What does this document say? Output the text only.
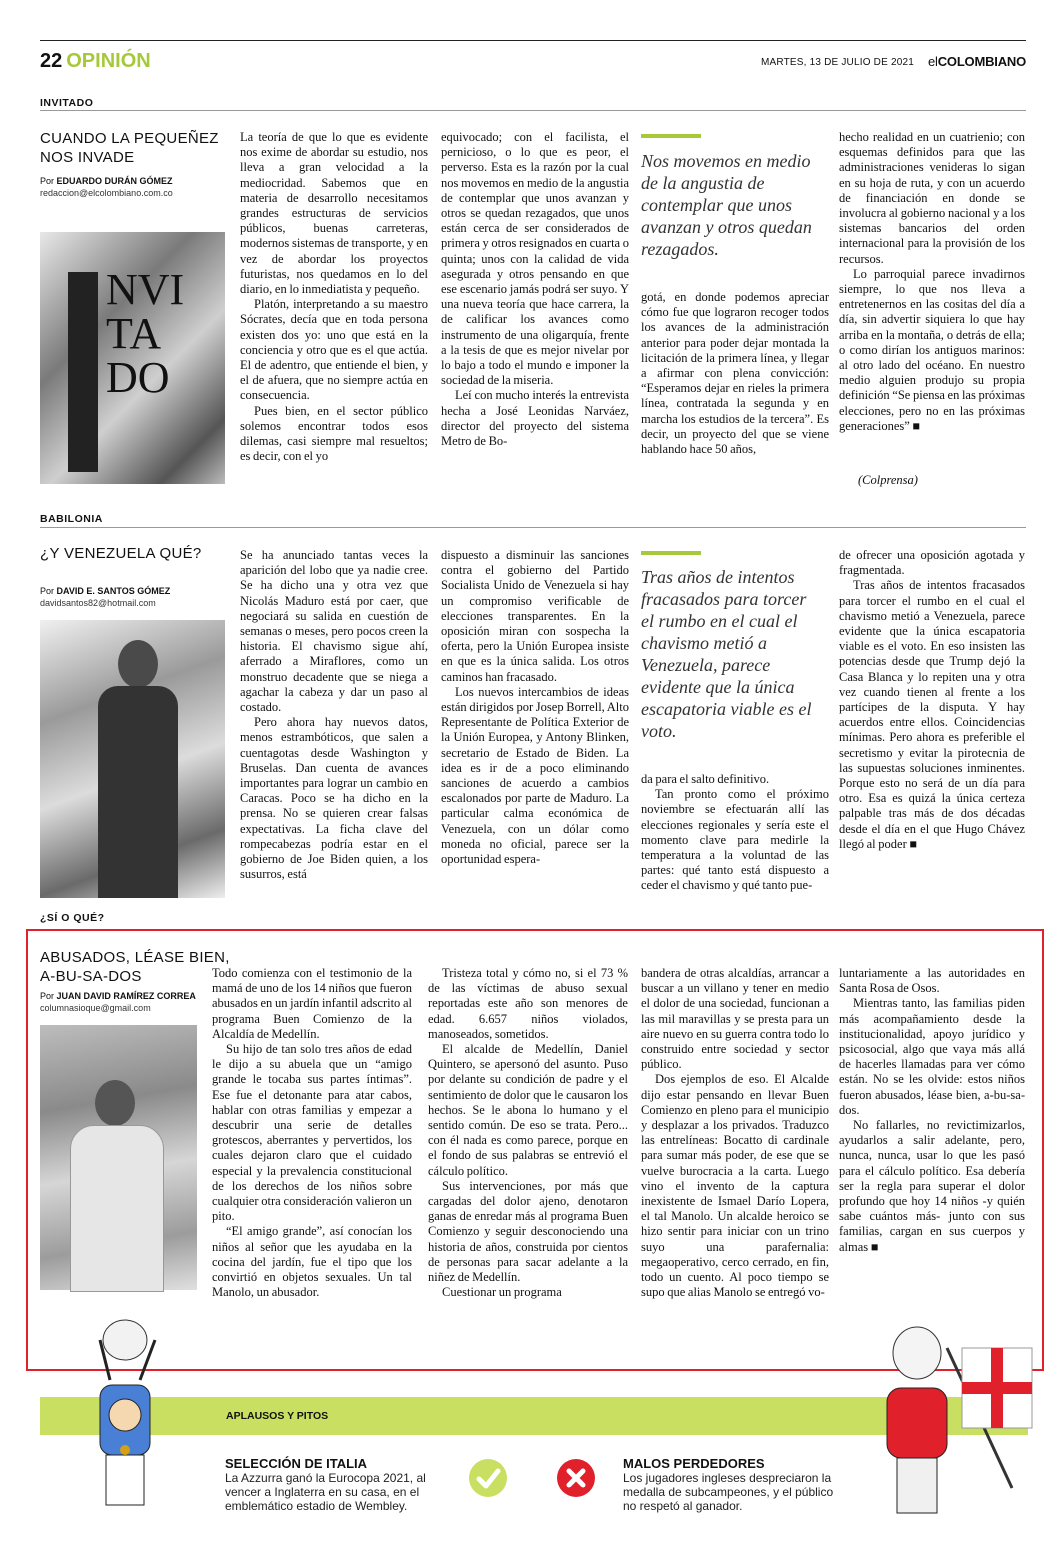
22 OPINIÓN	MARTES, 13 DE JULIO DE 2021 elCOLOMBIANO
INVITADO
CUANDO LA PEQUEÑEZ NOS INVADE
Por EDUARDO DURÁN GÓMEZ
redaccion@elcolombiano.com.co
NVI TA DO

La teoría de que lo que es evidente nos exime de abordar su estudio, nos lleva a gran velocidad a la mediocridad. Sabemos que en materia de desarrollo necesitamos grandes estructuras de servicios públicos, buenas carreteras, modernos sistemas de transporte, y en vez de abordar los proyectos futuristas, nos quedamos en lo del diario, en lo inmediatista y pequeño.

Platón, interpretando a su maestro Sócrates, decía que en toda persona existen dos yo: uno que está en la conciencia y otro que es el que actúa. El de adentro, que entiende el bien, y el de afuera, que no siempre actúa en consecuencia.

Pues bien, en el sector público solemos encontrar todos esos dilemas, casi siempre mal resueltos; es decir, con el yo

equivocado; con el facilista, el pernicioso, o lo que es peor, el perverso. Esta es la razón por la cual nos movemos en medio de la angustia de contemplar que unos avanzan y otros se quedan rezagados, que unos están cerca de ser considerados de primera y otros resignados en cuarta o quinta; unos con la calidad de vida asegurada y otros pensando en que ese escenario jamás podrá ser suyo. Y una nueva teoría que hace carrera, la de calificar los avances como instrumento de una oligarquía, frente a la tesis de que es mejor nivelar por lo bajo a todo el mundo e imponer la sociedad de la miseria.

Leí con mucho interés la entrevista hecha a José Leonidas Narváez, director del proyecto del sistema Metro de Bo-

Nos movemos en medio de la angustia de contemplar que unos avanzan y otros quedan rezagados.

gotá, en donde podemos apreciar cómo fue que lograron recoger todos los avances de la administración anterior para poder dejar montada la licitación de la primera línea, y llegar a afirmar con plena convicción: “Esperamos dejar en rieles la primera línea, contratada la segunda y en marcha los estudios de la tercera”. Es decir, un proyecto del que se viene hablando hace 50 años,

hecho realidad en un cuatrienio; con esquemas definidos para que las administraciones venideras lo sigan en su hoja de ruta, y con un acuerdo de financiación en donde se involucra al gobierno nacional y a los sistemas bancarios del orden internacional para la provisión de los recursos.

Lo parroquial parece invadirnos siempre, lo que nos lleva a entretenernos en las cositas del día a día, sin advertir siquiera lo que hay arriba en la montaña, o detrás de ella; o como dirían los antiguos marinos: al otro lado del océano. En nuestro medio alguien produjo su propia definición “Se piensa en las próximas elecciones, pero no en las próximas generaciones” ■

(Colprensa)
BABILONIA
¿Y VENEZUELA QUÉ?
Por DAVID E. SANTOS GÓMEZ
davidsantos82@hotmail.com

Se ha anunciado tantas veces la aparición del lobo que ya nadie cree. Se ha dicho una y otra vez que Nicolás Maduro está por caer, que negociará su salida en cuestión de semanas o meses, pero pocos creen la historia. El chavismo sigue ahí, aferrado a Miraflores, como un monstruo decadente que se niega a agachar la cabeza y dar un paso al costado.

Pero ahora hay nuevos datos, menos estrambóticos, que salen a cuentagotas desde Washington y Bruselas. Dan cuenta de avances importantes para lograr un cambio en Caracas. Poco se ha dicho en la prensa. No se quieren crear falsas expectativas. La ficha clave del rompecabezas podría estar en el gobierno de Joe Biden quien, a los susurros, está

dispuesto a disminuir las sanciones contra el gobierno del Partido Socialista Unido de Venezuela si hay un compromiso verificable de elecciones transparentes. En la oposición miran con sospecha la oferta, pero la Unión Europea insiste en que es la única salida. Los otros caminos han fracasado.

Los nuevos intercambios de ideas están dirigidos por Josep Borrell, Alto Representante de Política Exterior de la Unión Europea, y Antony Blinken, secretario de Estado de Biden. La idea es ir de a poco eliminando sanciones de acuerdo a cambios escalonados por parte de Maduro. La particular calma económica de Venezuela, con un dólar como moneda no oficial, parece ser la oportunidad espera-

Tras años de intentos fracasados para torcer el rumbo en el cual el chavismo metió a Venezuela, parece evidente que la única escapatoria viable es el voto.

da para el salto definitivo.

Tan pronto como el próximo noviembre se efectuarán allí las elecciones regionales y sería este el momento clave para medirle la temperatura a la voluntad de las partes: qué tanto está dispuesto a ceder el chavismo y qué tanto pue-

de ofrecer una oposición agotada y fragmentada.

Tras años de intentos fracasados para torcer el rumbo en el cual el chavismo metió a Venezuela, parece evidente que la única escapatoria viable es el voto. En eso insisten las potencias desde que Trump dejó la Casa Blanca y lo repiten una y otra vez cuando tienen al frente a los partícipes de la disputa. Y hay acuerdos entre ellos. Coincidencias mínimas. Pero ahora es preferible el secretismo y evitar la pirotecnia de las supuestas soluciones inminentes. Porque esto no será de un día para otro. Esa es quizá la única certeza palpable tras más de dos décadas desde el día en el que Hugo Chávez llegó al poder ■

¿SÍ O QUÉ?
ABUSADOS, LÉASE BIEN, A-BU-SA-DOS
Por JUAN DAVID RAMÍREZ CORREA
columnasioque@gmail.com

Todo comienza con el testimonio de la mamá de uno de los 14 niños que fueron abusados en un jardín infantil adscrito al programa Buen Comienzo de la Alcaldía de Medellín.

Su hijo de tan solo tres años de edad le dijo a su abuela que un “amigo grande le tocaba sus partes íntimas”. Ese fue el detonante para atar cabos, hablar con otras familias y empezar a descubrir una serie de detalles grotescos, aberrantes y pervertidos, los cuales dejaron claro que el cuidado especial y la prevalencia constitucional de los derechos de los niños sobre cualquier otra consideración valieron un pito.

“El amigo grande”, así conocían los niños al señor que les ayudaba en la cocina del jardín, fue el tipo que los convirtió en objetos sexuales. Un tal Manolo, un abusador.

Tristeza total y cómo no, si el 73 % de las víctimas de abuso sexual reportadas este año son menores de edad. 6.657 niños violados, manoseados, sometidos.

El alcalde de Medellín, Daniel Quintero, se apersonó del asunto. Puso por delante su condición de padre y el sentimiento de dolor que le causaron los hechos. Se le abona lo humano y el sentido común. De eso se trata. Pero... con él nada es como parece, porque en el fondo de sus palabras se entrevió el cálculo político.

Sus intervenciones, por más que cargadas del dolor ajeno, denotaron ganas de enredar más al programa Buen Comienzo y seguir desconociendo una historia de años, construida por cientos de personas para sacar adelante a la niñez de Medellín.

Cuestionar un programa

bandera de otras alcaldías, arrancar a buscar a un villano y tener en medio el dolor de una sociedad, funcionan a las mil maravillas y se presta para un aire nuevo en su guerra contra todo lo construido entre sociedad y sector público.

Dos ejemplos de eso. El Alcalde dijo estar pensando en llevar Buen Comienzo en pleno para el municipio y desplazar a los privados. Traduzco las entrelíneas: Bocatto di cardinale para sumar más poder, de ese que se vuelve burocracia a la carta. Luego vino el invento de la captura inexistente de Ismael Darío Lopera, el tal Manolo. Un alcalde heroico se hizo sentir para iniciar con un trino suyo una parafernalia: megaoperativo, cerco cerrado, en fin, todo un cuento. Al poco tiempo se supo que alias Manolo se entregó vo-

luntariamente a las autoridades en Santa Rosa de Osos.

Mientras tanto, las familias piden más acompañamiento desde la institucionalidad, apoyo jurídico y psicosocial, algo que vaya más allá de hacerles llamadas para ver cómo están. No se les olvide: estos niños fueron abusados, léase bien, a-bu-sa-dos.

No fallarles, no revictimizarlos, ayudarlos a salir adelante, pero, nunca, nunca, usar lo que les pasó para el cálculo político. Esa debería ser la regla para superar el dolor profundo que hoy 14 niños -y quién sabe cuántos más- junto con sus familias, cargan en sus cuerpos y almas ■

APLAUSOS Y PITOS
SELECCIÓN DE ITALIA
La Azzurra ganó la Eurocopa 2021, al vencer a Inglaterra en su casa, en el emblemático estadio de Wembley.
MALOS PERDEDORES
Los jugadores ingleses despreciaron la medalla de subcampeones, y el público no respetó al ganador.
